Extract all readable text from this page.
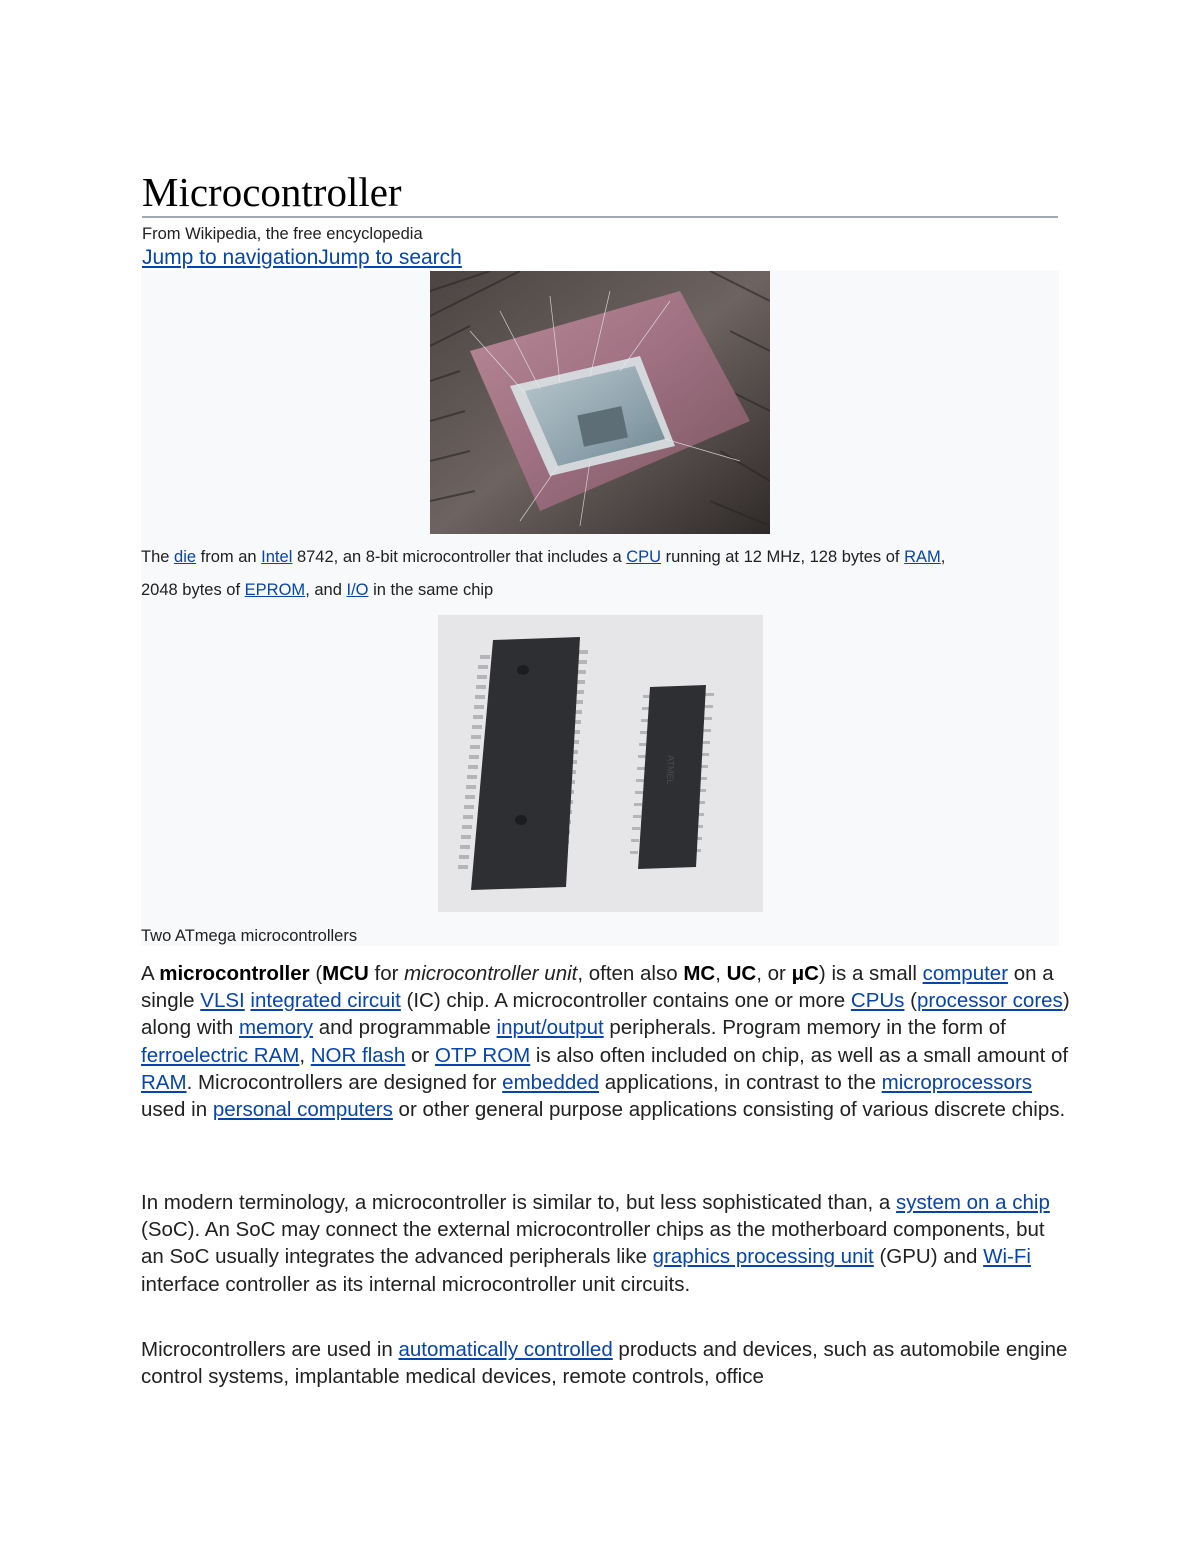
Microcontroller
From Wikipedia, the free encyclopedia
Jump to navigationJump to search
The die from an Intel 8742, an 8-bit microcontroller that includes a CPU running at 12 MHz, 128 bytes of RAM, 2048 bytes of EPROM, and I/O in the same chip
ATMEL
Two ATmega microcontrollers
A microcontroller (MCU for microcontroller unit, often also MC, UC, or μC) is a small computer on a single VLSI integrated circuit (IC) chip. A microcontroller contains one or more CPUs (processor cores) along with memory and programmable input/output peripherals. Program memory in the form of ferroelectric RAM, NOR flash or OTP ROM is also often included on chip, as well as a small amount of RAM. Microcontrollers are designed for embedded applications, in contrast to the microprocessors used in personal computers or other general purpose applications consisting of various discrete chips.
In modern terminology, a microcontroller is similar to, but less sophisticated than, a system on a chip (SoC). An SoC may connect the external microcontroller chips as the motherboard components, but an SoC usually integrates the advanced peripherals like graphics processing unit (GPU) and Wi-Fi interface controller as its internal microcontroller unit circuits.
Microcontrollers are used in automatically controlled products and devices, such as automobile engine control systems, implantable medical devices, remote controls, office
